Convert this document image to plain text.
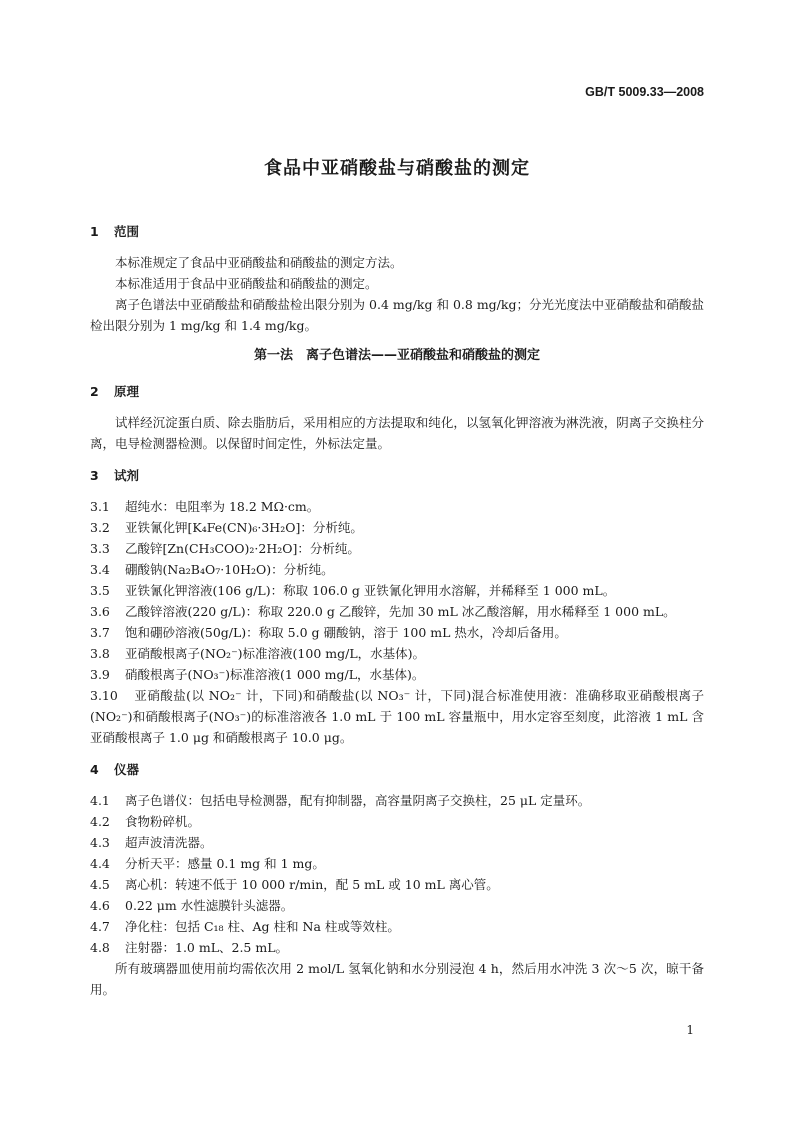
GB/T 5009.33—2008
食品中亚硝酸盐与硝酸盐的测定
1 范围

本标准规定了食品中亚硝酸盐和硝酸盐的测定方法。

本标准适用于食品中亚硝酸盐和硝酸盐的测定。

离子色谱法中亚硝酸盐和硝酸盐检出限分别为 0.4 mg/kg 和 0.8 mg/kg；分光光度法中亚硝酸盐和硝酸盐检出限分别为 1 mg/kg 和 1.4 mg/kg。

第一法　离子色谱法——亚硝酸盐和硝酸盐的测定
2 原理

试样经沉淀蛋白质、除去脂肪后，采用相应的方法提取和纯化，以氢氧化钾溶液为淋洗液，阴离子交换柱分离，电导检测器检测。以保留时间定性，外标法定量。

3 试剂

3.1 超纯水：电阻率为 18.2 MΩ·cm。

3.2 亚铁氰化钾[K₄Fe(CN)₆·3H₂O]：分析纯。

3.3 乙酸锌[Zn(CH₃COO)₂·2H₂O]：分析纯。

3.4 硼酸钠(Na₂B₄O₇·10H₂O)：分析纯。

3.5 亚铁氰化钾溶液(106 g/L)：称取 106.0 g 亚铁氰化钾用水溶解，并稀释至 1 000 mL。

3.6 乙酸锌溶液(220 g/L)：称取 220.0 g 乙酸锌，先加 30 mL 冰乙酸溶解，用水稀释至 1 000 mL。

3.7 饱和硼砂溶液(50g/L)：称取 5.0 g 硼酸钠，溶于 100 mL 热水，冷却后备用。

3.8 亚硝酸根离子(NO₂⁻)标准溶液(100 mg/L，水基体)。

3.9 硝酸根离子(NO₃⁻)标准溶液(1 000 mg/L，水基体)。

3.10 亚硝酸盐(以 NO₂⁻ 计，下同)和硝酸盐(以 NO₃⁻ 计，下同)混合标准使用液：准确移取亚硝酸根离子(NO₂⁻)和硝酸根离子(NO₃⁻)的标准溶液各 1.0 mL 于 100 mL 容量瓶中，用水定容至刻度，此溶液 1 mL 含亚硝酸根离子 1.0 μg 和硝酸根离子 10.0 μg。

4 仪器

4.1 离子色谱仪：包括电导检测器，配有抑制器，高容量阴离子交换柱，25 μL 定量环。

4.2 食物粉碎机。

4.3 超声波清洗器。

4.4 分析天平：感量 0.1 mg 和 1 mg。

4.5 离心机：转速不低于 10 000 r/min，配 5 mL 或 10 mL 离心管。

4.6 0.22 μm 水性滤膜针头滤器。

4.7 净化柱：包括 C₁₈ 柱、Ag 柱和 Na 柱或等效柱。

4.8 注射器：1.0 mL、2.5 mL。

所有玻璃器皿使用前均需依次用 2 mol/L 氢氧化钠和水分别浸泡 4 h，然后用水冲洗 3 次～5 次，晾干备用。

1
